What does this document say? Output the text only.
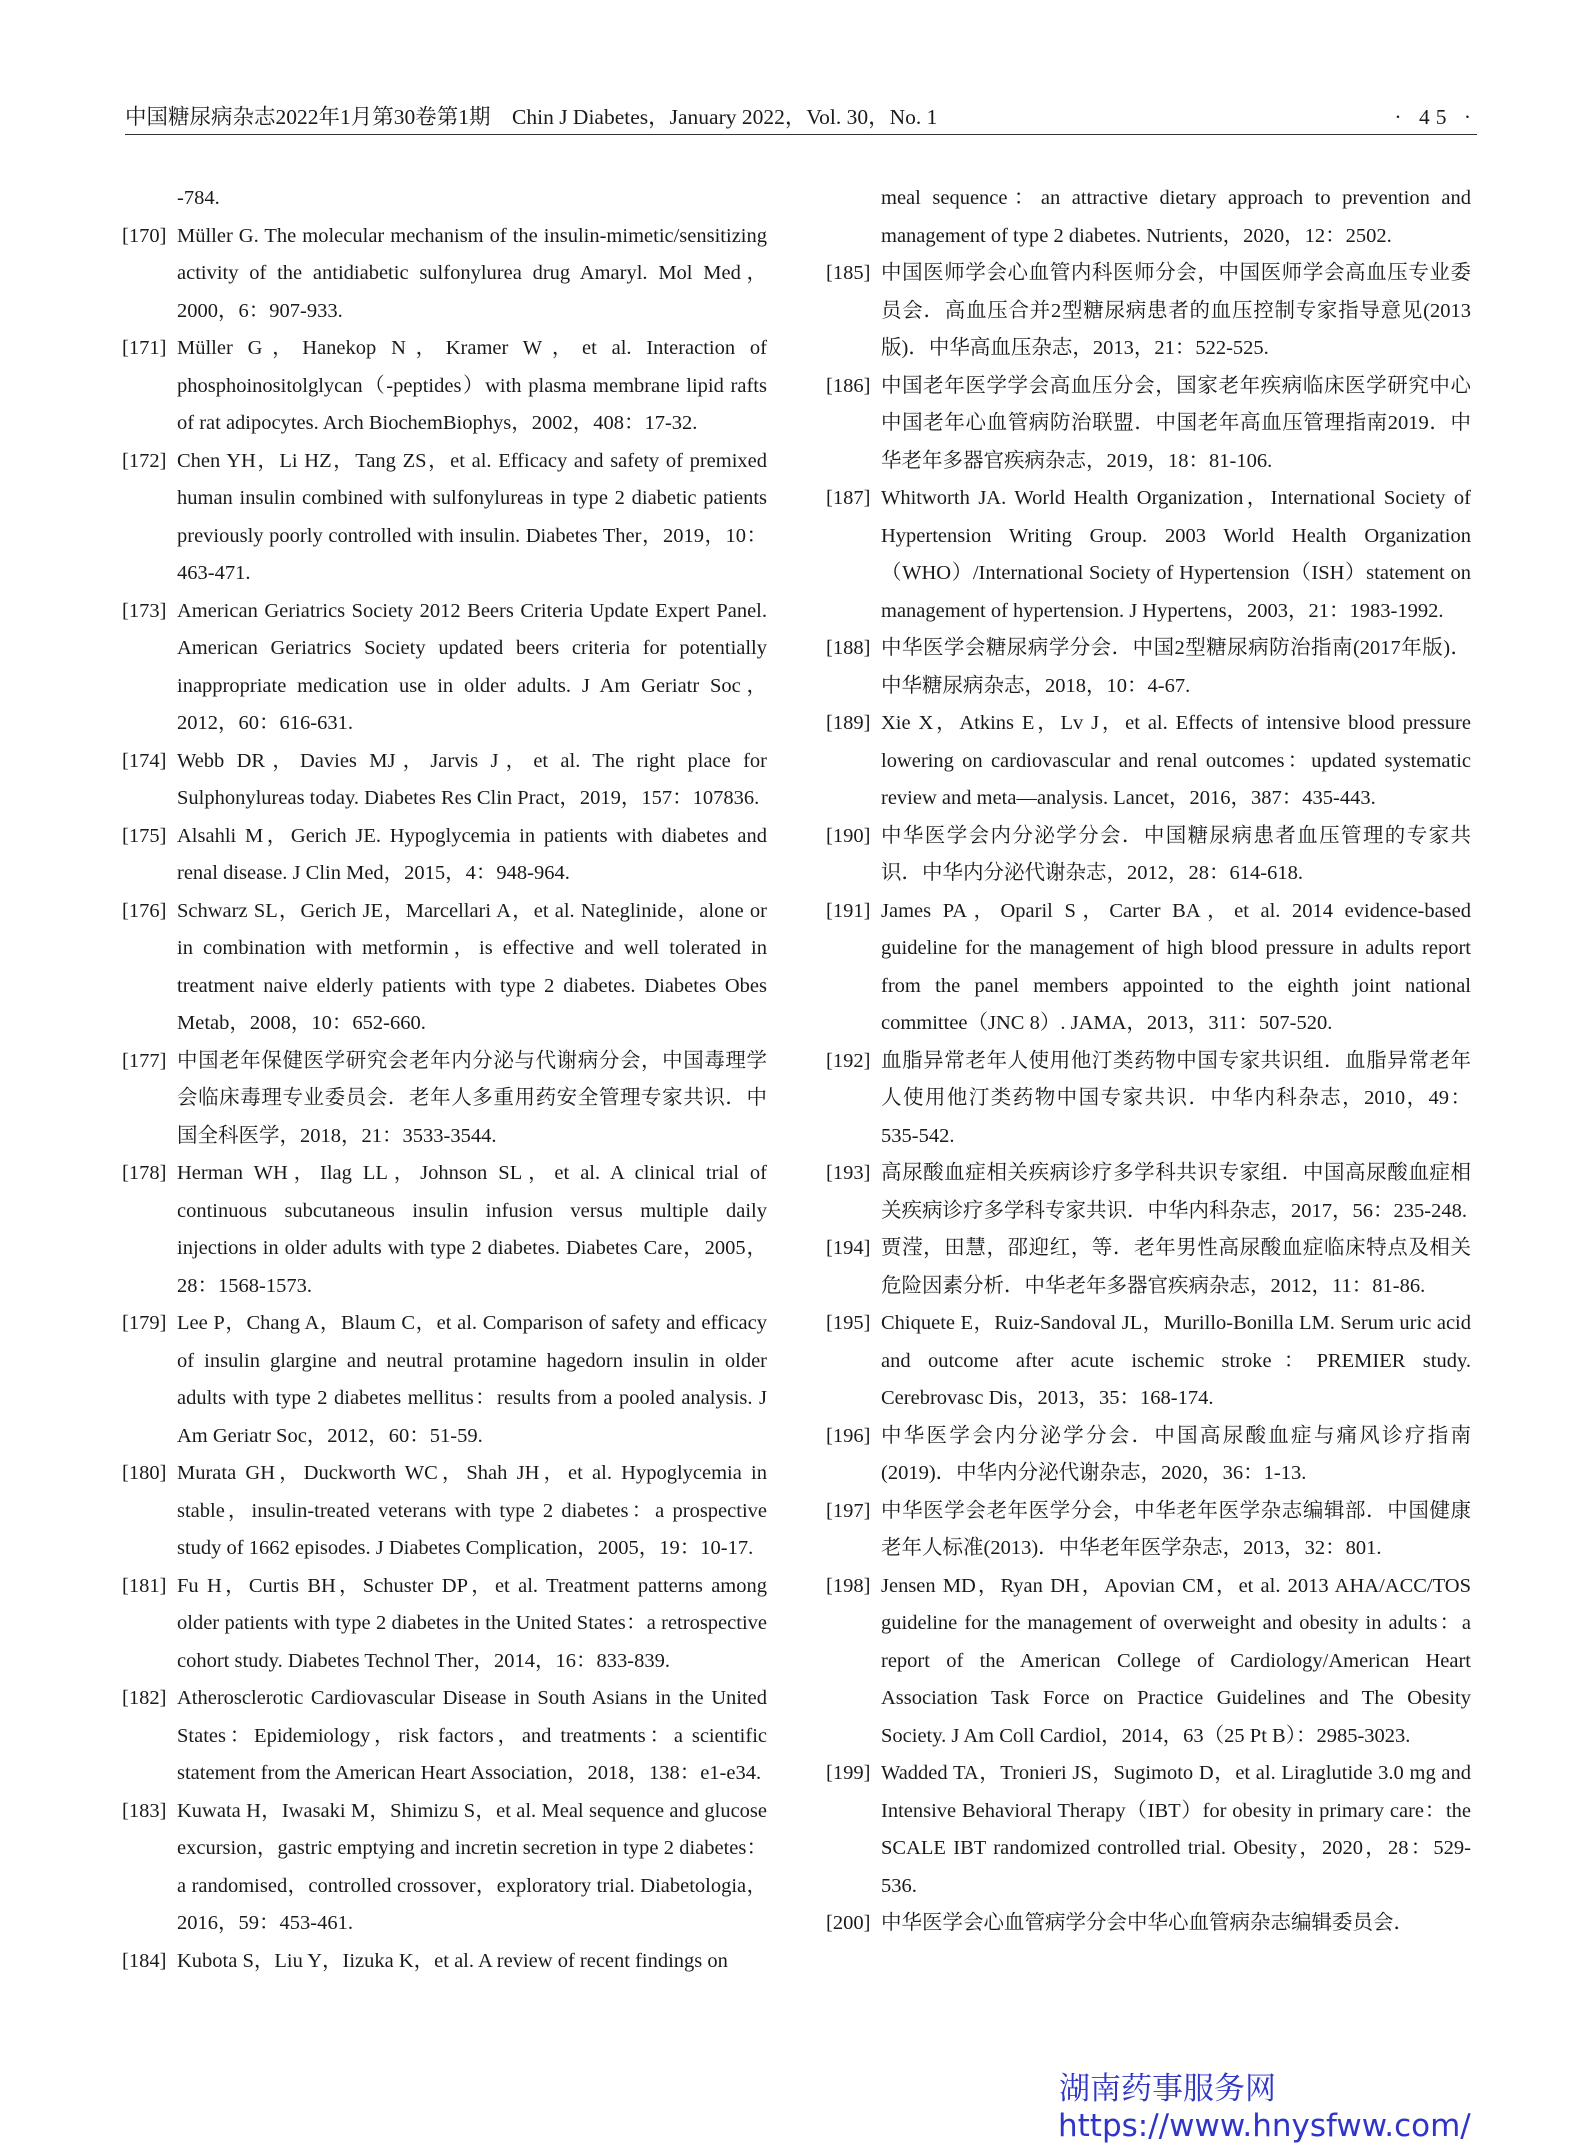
中国糖尿病杂志2022年1月第30卷第1期　Chin J Diabetes，January 2022，Vol. 30，No. 1	· 45 ·

-784.

[170] Müller G. The molecular mechanism of the insulin-mimetic/sensitizing activity of the antidiabetic sulfonylurea drug Amaryl. Mol Med，2000，6：907-933.

[171] Müller G，Hanekop N，Kramer W，et al. Interaction of phosphoinositolglycan（-peptides）with plasma membrane lipid rafts of rat adipocytes. Arch BiochemBiophys，2002，408：17-32.

[172] Chen YH，Li HZ，Tang ZS，et al. Efficacy and safety of premixed human insulin combined with sulfonylureas in type 2 diabetic patients previously poorly controlled with insulin. Diabetes Ther，2019，10：463-471.

[173] American Geriatrics Society 2012 Beers Criteria Update Expert Panel. American Geriatrics Society updated beers criteria for potentially inappropriate medication use in older adults. J Am Geriatr Soc，2012，60：616-631.

[174] Webb DR，Davies MJ，Jarvis J，et al. The right place for Sulphonylureas today. Diabetes Res Clin Pract，2019，157：107836.

[175] Alsahli M，Gerich JE. Hypoglycemia in patients with diabetes and renal disease. J Clin Med，2015，4：948-964.

[176] Schwarz SL，Gerich JE，Marcellari A，et al. Nateglinide，alone or in combination with metformin，is effective and well tolerated in treatment naive elderly patients with type 2 diabetes. Diabetes Obes Metab，2008，10：652-660.

[177] 中国老年保健医学研究会老年内分泌与代谢病分会，中国毒理学会临床毒理专业委员会．老年人多重用药安全管理专家共识．中国全科医学，2018，21：3533-3544.

[178] Herman WH，Ilag LL，Johnson SL，et al. A clinical trial of continuous subcutaneous insulin infusion versus multiple daily injections in older adults with type 2 diabetes. Diabetes Care，2005，28：1568-1573.

[179] Lee P，Chang A，Blaum C，et al. Comparison of safety and efficacy of insulin glargine and neutral protamine hagedorn insulin in older adults with type 2 diabetes mellitus：results from a pooled analysis. J Am Geriatr Soc，2012，60：51-59.

[180] Murata GH，Duckworth WC，Shah JH，et al. Hypoglycemia in stable，insulin-treated veterans with type 2 diabetes：a prospective study of 1662 episodes. J Diabetes Complication，2005，19：10-17.

[181] Fu H，Curtis BH，Schuster DP，et al. Treatment patterns among older patients with type 2 diabetes in the United States：a retrospective cohort study. Diabetes Technol Ther，2014，16：833-839.

[182] Atherosclerotic Cardiovascular Disease in South Asians in the United States：Epidemiology，risk factors，and treatments：a scientific statement from the American Heart Association，2018，138：e1-e34.

[183] Kuwata H，Iwasaki M，Shimizu S，et al. Meal sequence and glucose excursion，gastric emptying and incretin secretion in type 2 diabetes：a randomised，controlled crossover，exploratory trial. Diabetologia，2016，59：453-461.

[184] Kubota S，Liu Y，Iizuka K，et al. A review of recent findings on

meal sequence：an attractive dietary approach to prevention and management of type 2 diabetes. Nutrients，2020，12：2502.

[185] 中国医师学会心血管内科医师分会，中国医师学会高血压专业委员会．高血压合并2型糖尿病患者的血压控制专家指导意见(2013版)．中华高血压杂志，2013，21：522-525.

[186] 中国老年医学学会高血压分会，国家老年疾病临床医学研究中心中国老年心血管病防治联盟．中国老年高血压管理指南2019．中华老年多器官疾病杂志，2019，18：81-106.

[187] Whitworth JA. World Health Organization，International Society of Hypertension Writing Group. 2003 World Health Organization（WHO）/International Society of Hypertension（ISH）statement on management of hypertension. J Hypertens，2003，21：1983-1992.

[188] 中华医学会糖尿病学分会．中国2型糖尿病防治指南(2017年版)．中华糖尿病杂志，2018，10：4-67.

[189] Xie X，Atkins E，Lv J，et al. Effects of intensive blood pressure lowering on cardiovascular and renal outcomes：updated systematic review and meta—analysis. Lancet，2016，387：435-443.

[190] 中华医学会内分泌学分会．中国糖尿病患者血压管理的专家共识．中华内分泌代谢杂志，2012，28：614-618.

[191] James PA，Oparil S，Carter BA，et al. 2014 evidence-based guideline for the management of high blood pressure in adults report from the panel members appointed to the eighth joint national committee（JNC 8）. JAMA，2013，311：507-520.

[192] 血脂异常老年人使用他汀类药物中国专家共识组．血脂异常老年人使用他汀类药物中国专家共识．中华内科杂志，2010，49：535-542.

[193] 高尿酸血症相关疾病诊疗多学科共识专家组．中国高尿酸血症相关疾病诊疗多学科专家共识．中华内科杂志，2017，56：235-248.

[194] 贾滢，田慧，邵迎红，等．老年男性高尿酸血症临床特点及相关危险因素分析．中华老年多器官疾病杂志，2012，11：81-86.

[195] Chiquete E，Ruiz-Sandoval JL，Murillo-Bonilla LM. Serum uric acid and outcome after acute ischemic stroke：PREMIER study. Cerebrovasc Dis，2013，35：168-174.

[196] 中华医学会内分泌学分会．中国高尿酸血症与痛风诊疗指南(2019)．中华内分泌代谢杂志，2020，36：1-13.

[197] 中华医学会老年医学分会，中华老年医学杂志编辑部．中国健康老年人标准(2013)．中华老年医学杂志，2013，32：801.

[198] Jensen MD，Ryan DH，Apovian CM，et al. 2013 AHA/ACC/TOS guideline for the management of overweight and obesity in adults：a report of the American College of Cardiology/American Heart Association Task Force on Practice Guidelines and The Obesity Society. J Am Coll Cardiol，2014，63（25 Pt B）：2985-3023.

[199] Wadded TA，Tronieri JS，Sugimoto D，et al. Liraglutide 3.0 mg and Intensive Behavioral Therapy（IBT）for obesity in primary care：the SCALE IBT randomized controlled trial. Obesity，2020，28：529-536.

[200] 中华医学会心血管病学分会中华心血管病杂志编辑委员会．

湖南药事服务网
https://www.hnysfww.com/
